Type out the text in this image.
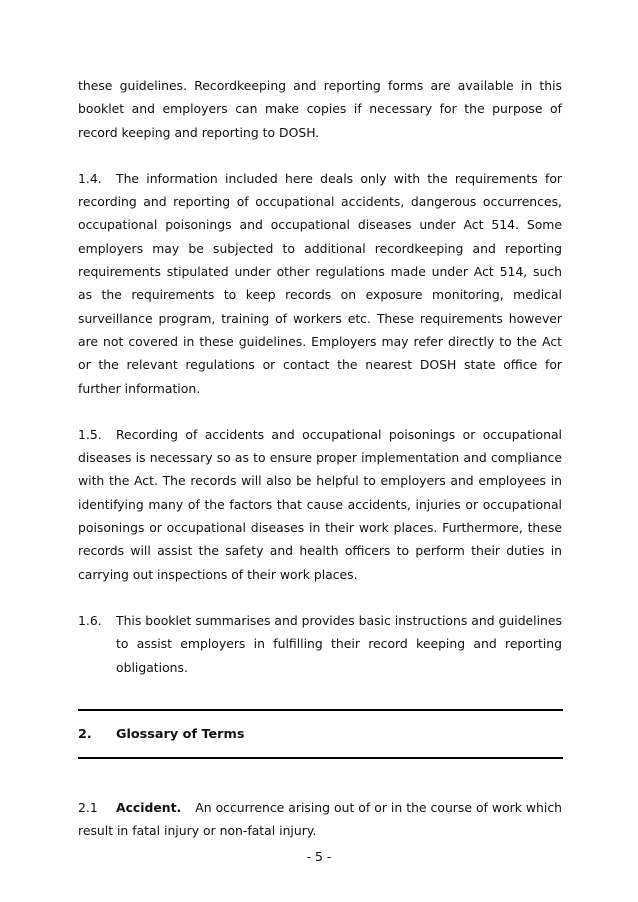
these guidelines. Recordkeeping and reporting forms are available in this booklet and employers can make copies if necessary for the purpose of record keeping and reporting to DOSH.

1.4. The information included here deals only with the requirements for recording and reporting of occupational accidents, dangerous occurrences, occupational poisonings and occupational diseases under Act 514. Some employers may be subjected to additional recordkeeping and reporting requirements stipulated under other regulations made under Act 514, such as the requirements to keep records on exposure monitoring, medical surveillance program, training of workers etc. These requirements however are not covered in these guidelines. Employers may refer directly to the Act or the relevant regulations or contact the nearest DOSH state office for further information.

1.5. Recording of accidents and occupational poisonings or occupational diseases is necessary so as to ensure proper implementation and compliance with the Act. The records will also be helpful to employers and employees in identifying many of the factors that cause accidents, injuries or occupational poisonings or occupational diseases in their work places. Furthermore, these records will assist the safety and health officers to perform their duties in carrying out inspections of their work places.

1.6.	This booklet summarises and provides basic instructions and guidelines to assist employers in fulfilling their record keeping and reporting obligations.
2.	Glossary of Terms

2.1 Accident. An occurrence arising out of or in the course of work which result in fatal injury or non-fatal injury.

- 5 -
